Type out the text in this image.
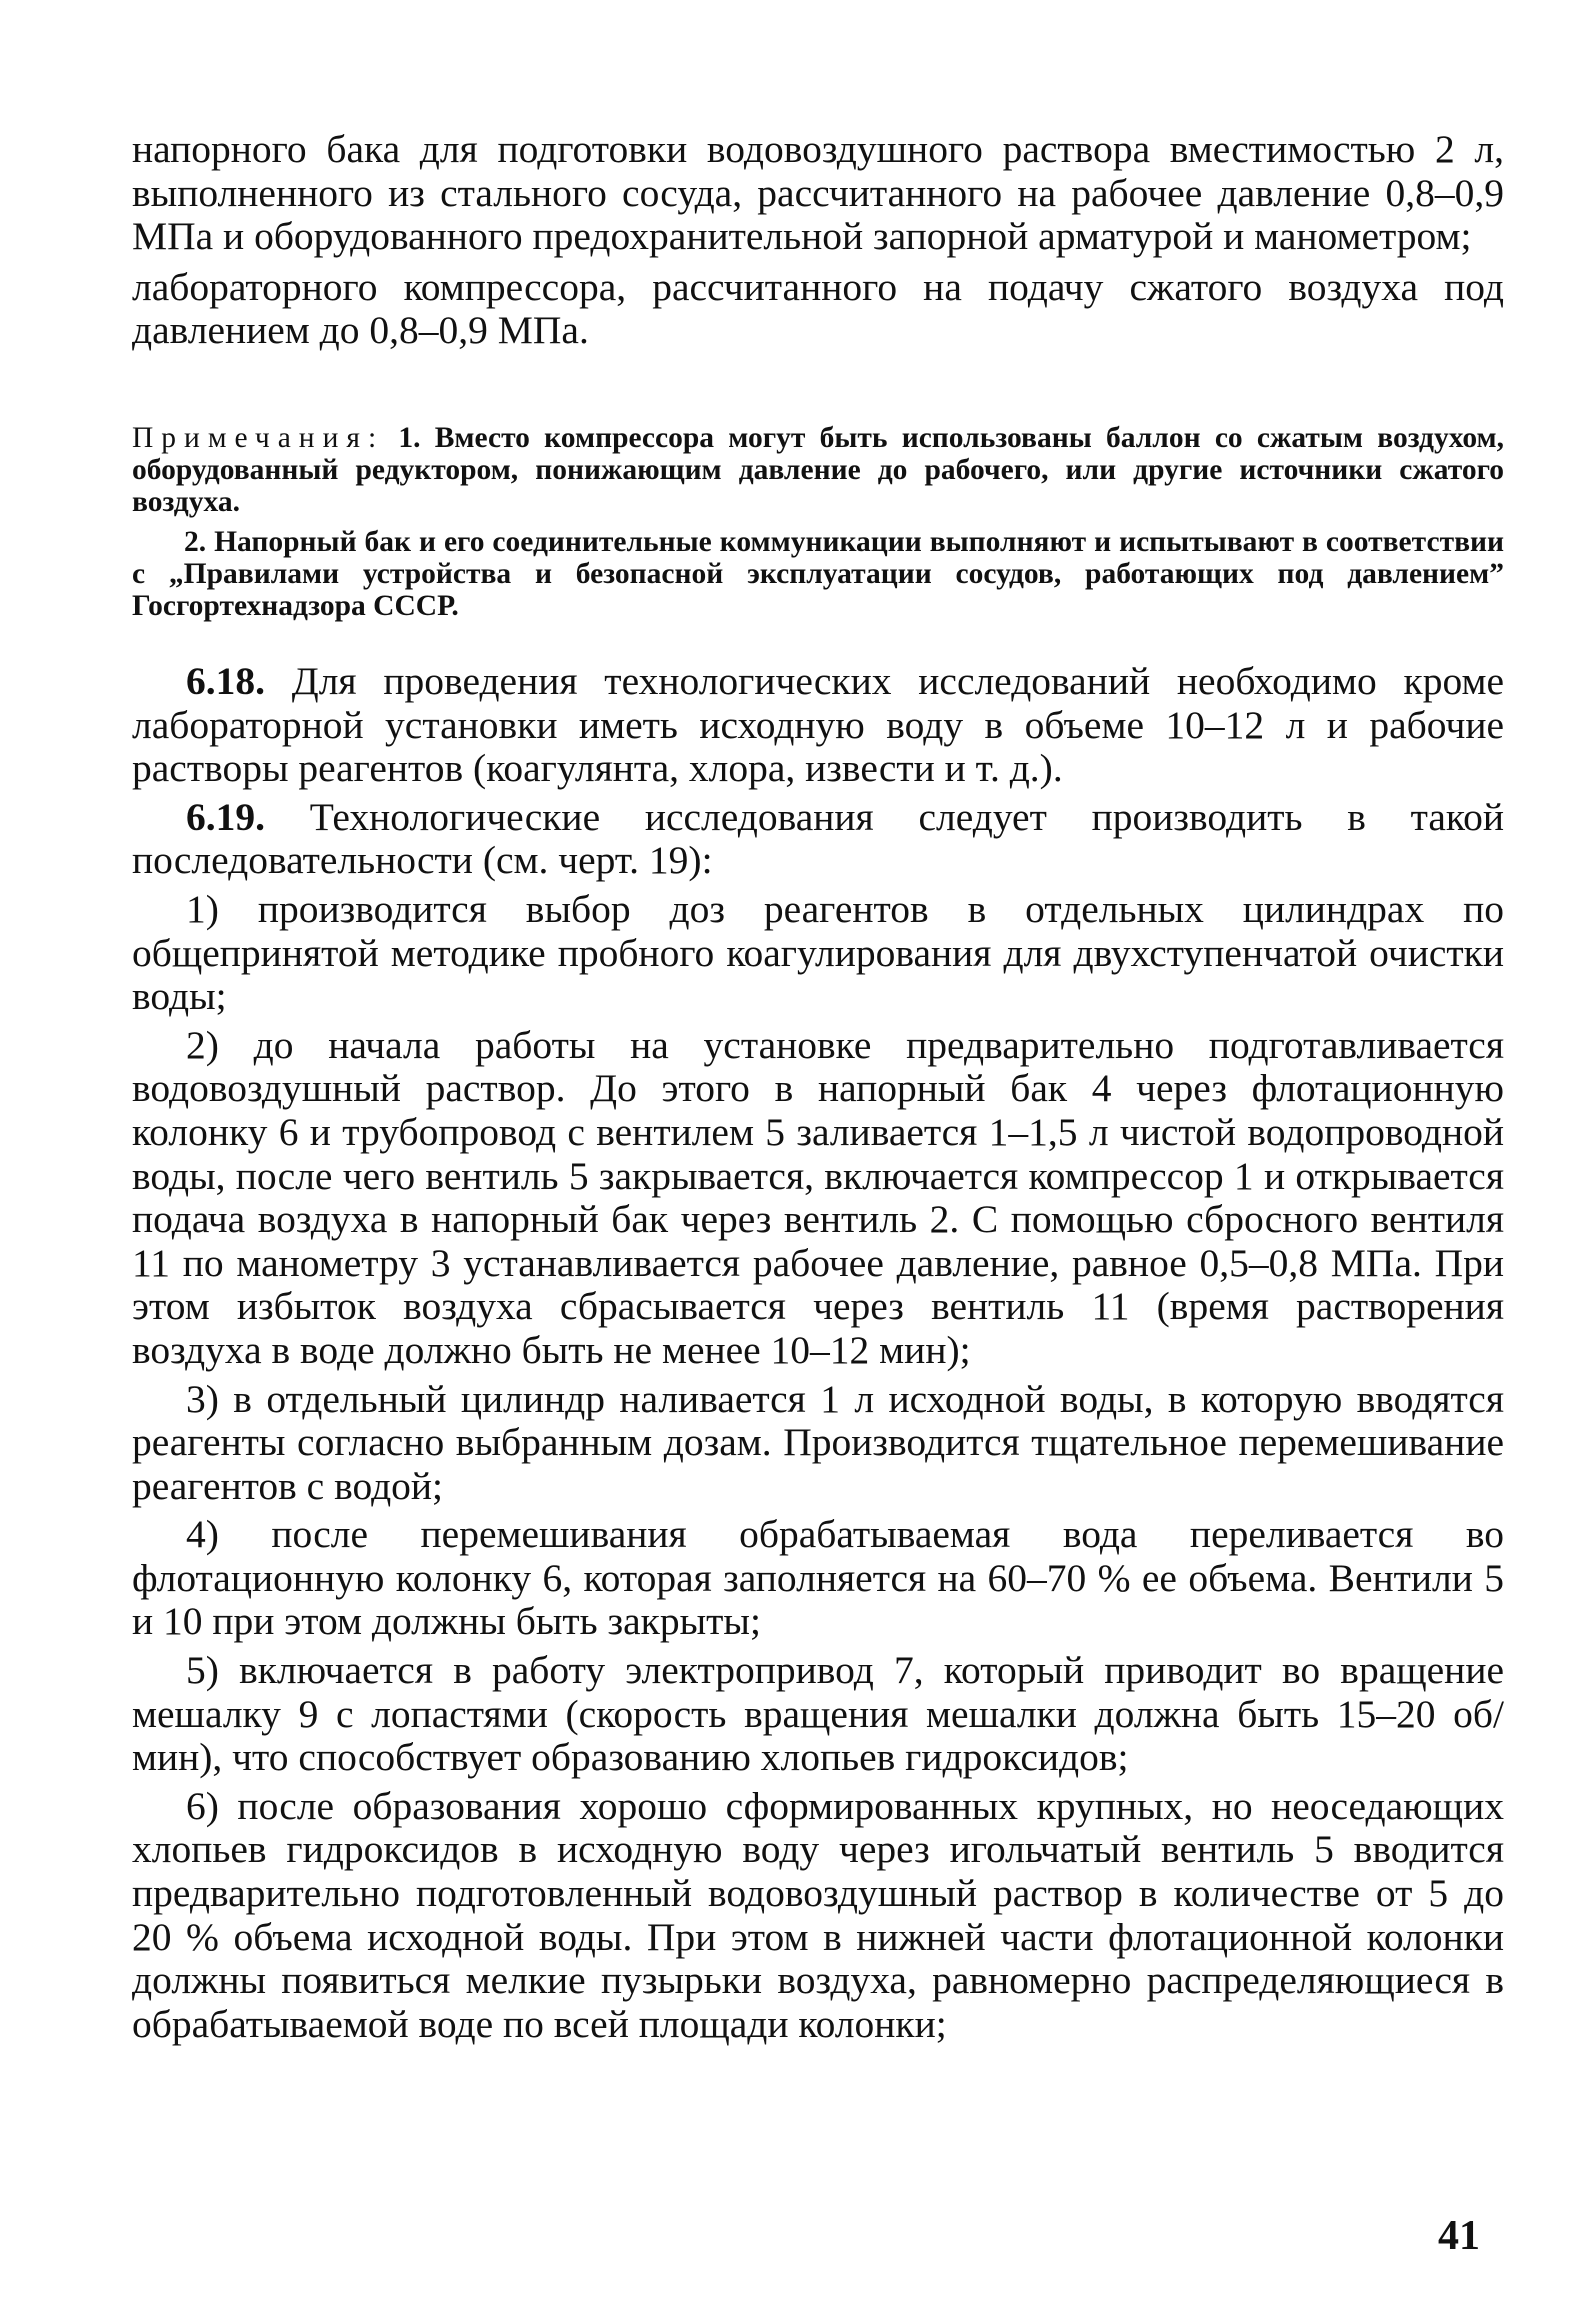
напорного бака для подготовки водовоздушного раствора вместимостью 2 л, выполненного из стального сосуда, рассчитанного на рабочее давление 0,8–0,9 МПа и оборудованного предохранительной запорной арматурой и манометром;

лабораторного компрессора, рассчитанного на подачу сжатого воздуха под давлением до 0,8–0,9 МПа.

Примечания: 1. Вместо компрессора могут быть использованы баллон со сжатым воздухом, оборудованный редуктором, понижающим давление до рабочего, или другие источники сжатого воздуха.

2. Напорный бак и его соединительные коммуникации выполняют и испытывают в соответствии с „Правилами устройства и безопасной эксплуатации сосудов, работающих под давлением” Госгортехнадзора СССР.

6.18. Для проведения технологических исследований необходимо кроме лабораторной установки иметь исходную воду в объеме 10–12 л и рабочие растворы реагентов (коагулянта, хлора, извести и т. д.).

6.19. Технологические исследования следует производить в такой последовательности (см. черт. 19):

1) производится выбор доз реагентов в отдельных цилиндрах по общепринятой методике пробного коагулирования для двухступенчатой очистки воды;

2) до начала работы на установке предварительно подготавливается водовоздушный раствор. До этого в напорный бак 4 через флотационную колонку 6 и трубопровод с вентилем 5 заливается 1–1,5 л чистой водопроводной воды, после чего вентиль 5 закрывается, включается компрессор 1 и открывается подача воздуха в напорный бак через вентиль 2. С помощью сбросного вентиля 11 по манометру 3 устанавливается рабочее давление, равное 0,5–0,8 МПа. При этом избыток воздуха сбрасывается через вентиль 11 (время растворения воздуха в воде должно быть не менее 10–12 мин);

3) в отдельный цилиндр наливается 1 л исходной воды, в которую вводятся реагенты согласно выбранным дозам. Производится тщательное перемешивание реагентов с водой;

4) после перемешивания обрабатываемая вода переливается во флотационную колонку 6, которая заполняется на 60–70 % ее объема. Вентили 5 и 10 при этом должны быть закрыты;

5) включается в работу электропривод 7, который приводит во вращение мешалку 9 с лопастями (скорость вращения мешалки должна быть 15–20 об/мин), что способствует образованию хлопьев гидроксидов;

6) после образования хорошо сформированных крупных, но неоседающих хлопьев гидроксидов в исходную воду через игольчатый вентиль 5 вводится предварительно подготовленный водовоздушный раствор в количестве от 5 до 20 % объема исходной воды. При этом в нижней части флотационной колонки должны появиться мелкие пузырьки воздуха, равномерно распределяющиеся в обрабатываемой воде по всей площади колонки;

41
